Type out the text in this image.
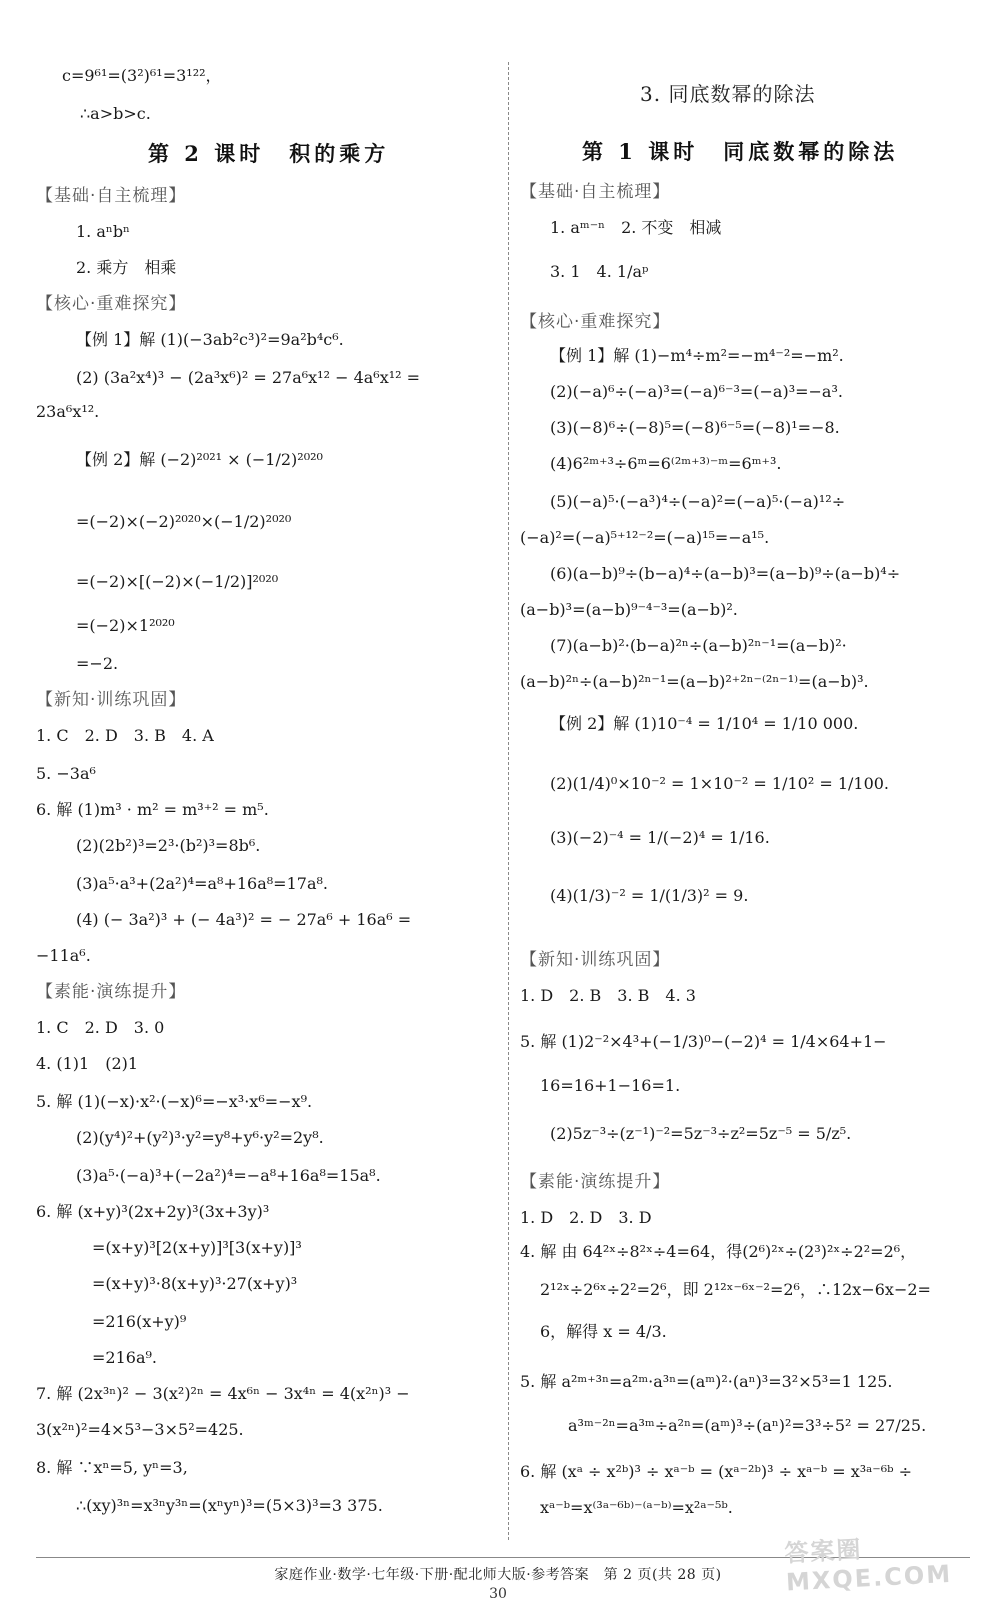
c=9⁶¹=(3²)⁶¹=3¹²²，
∴a>b>c.
第 2 课时　积的乘方
【基础·自主梳理】
1. aⁿbⁿ
2. 乘方　相乘
【核心·重难探究】
【例 1】解 (1)(−3ab²c³)²=9a²b⁴c⁶.
(2) (3a²x⁴)³ − (2a³x⁶)² = 27a⁶x¹² − 4a⁶x¹² =
23a⁶x¹².
【例 2】解 (−2)²⁰²¹ × (−1/2)²⁰²⁰
=(−2)×(−2)²⁰²⁰×(−1/2)²⁰²⁰
=(−2)×[(−2)×(−1/2)]²⁰²⁰
=(−2)×1²⁰²⁰
=−2.
【新知·训练巩固】
1. C　2. D　3. B　4. A
5. −3a⁶
6. 解 (1)m³ · m² = m³⁺² = m⁵.
(2)(2b²)³=2³·(b²)³=8b⁶.
(3)a⁵·a³+(2a²)⁴=a⁸+16a⁸=17a⁸.
(4) (− 3a²)³ + (− 4a³)² = − 27a⁶ + 16a⁶ =
−11a⁶.
【素能·演练提升】
1. C　2. D　3. 0
4. (1)1　(2)1
5. 解 (1)(−x)·x²·(−x)⁶=−x³·x⁶=−x⁹.
(2)(y⁴)²+(y²)³·y²=y⁸+y⁶·y²=2y⁸.
(3)a⁵·(−a)³+(−2a²)⁴=−a⁸+16a⁸=15a⁸.
6. 解 (x+y)³(2x+2y)³(3x+3y)³
=(x+y)³[2(x+y)]³[3(x+y)]³
=(x+y)³·8(x+y)³·27(x+y)³
=216(x+y)⁹
=216a⁹.
7. 解 (2x³ⁿ)² − 3(x²)²ⁿ = 4x⁶ⁿ − 3x⁴ⁿ = 4(x²ⁿ)³ −
3(x²ⁿ)²=4×5³−3×5²=425.
8. 解 ∵xⁿ=5, yⁿ=3,
∴(xy)³ⁿ=x³ⁿy³ⁿ=(xⁿyⁿ)³=(5×3)³=3 375.
3. 同底数幂的除法
第 1 课时　同底数幂的除法
【基础·自主梳理】
1. aᵐ⁻ⁿ　2. 不变　相减
3. 1　4. 1/aᵖ
【核心·重难探究】
【例 1】解 (1)−m⁴÷m²=−m⁴⁻²=−m².
(2)(−a)⁶÷(−a)³=(−a)⁶⁻³=(−a)³=−a³.
(3)(−8)⁶÷(−8)⁵=(−8)⁶⁻⁵=(−8)¹=−8.
(4)6²ᵐ⁺³÷6ᵐ=6⁽²ᵐ⁺³⁾⁻ᵐ=6ᵐ⁺³.
(5)(−a)⁵·(−a³)⁴÷(−a)²=(−a)⁵·(−a)¹²÷
(−a)²=(−a)⁵⁺¹²⁻²=(−a)¹⁵=−a¹⁵.
(6)(a−b)⁹÷(b−a)⁴÷(a−b)³=(a−b)⁹÷(a−b)⁴÷
(a−b)³=(a−b)⁹⁻⁴⁻³=(a−b)².
(7)(a−b)²·(b−a)²ⁿ÷(a−b)²ⁿ⁻¹=(a−b)²·
(a−b)²ⁿ÷(a−b)²ⁿ⁻¹=(a−b)²⁺²ⁿ⁻⁽²ⁿ⁻¹⁾=(a−b)³.
【例 2】解 (1)10⁻⁴ = 1/10⁴ = 1/10 000.
(2)(1/4)⁰×10⁻² = 1×10⁻² = 1/10² = 1/100.
(3)(−2)⁻⁴ = 1/(−2)⁴ = 1/16.
(4)(1/3)⁻² = 1/(1/3)² = 9.
【新知·训练巩固】
1. D　2. B　3. B　4. 3
5. 解 (1)2⁻²×4³+(−1/3)⁰−(−2)⁴ = 1/4×64+1−
16=16+1−16=1.
(2)5z⁻³÷(z⁻¹)⁻²=5z⁻³÷z²=5z⁻⁵ = 5/z⁵.
【素能·演练提升】
1. D　2. D　3. D
4. 解 由 64²ˣ÷8²ˣ÷4=64，得(2⁶)²ˣ÷(2³)²ˣ÷2²=2⁶，
2¹²ˣ÷2⁶ˣ÷2²=2⁶，即 2¹²ˣ⁻⁶ˣ⁻²=2⁶，∴12x−6x−2=
6，解得 x = 4/3.
5. 解 a²ᵐ⁺³ⁿ=a²ᵐ·a³ⁿ=(aᵐ)²·(aⁿ)³=3²×5³=1 125.
a³ᵐ⁻²ⁿ=a³ᵐ÷a²ⁿ=(aᵐ)³÷(aⁿ)²=3³÷5² = 27/25.
6. 解 (xᵃ ÷ x²ᵇ)³ ÷ xᵃ⁻ᵇ = (xᵃ⁻²ᵇ)³ ÷ xᵃ⁻ᵇ = x³ᵃ⁻⁶ᵇ ÷
xᵃ⁻ᵇ=x⁽³ᵃ⁻⁶ᵇ⁾⁻⁽ᵃ⁻ᵇ⁾=x²ᵃ⁻⁵ᵇ.
家庭作业·数学·七年级·下册·配北师大版·参考答案　第 2 页(共 28 页)
30
答案圈 MXQE.COM
